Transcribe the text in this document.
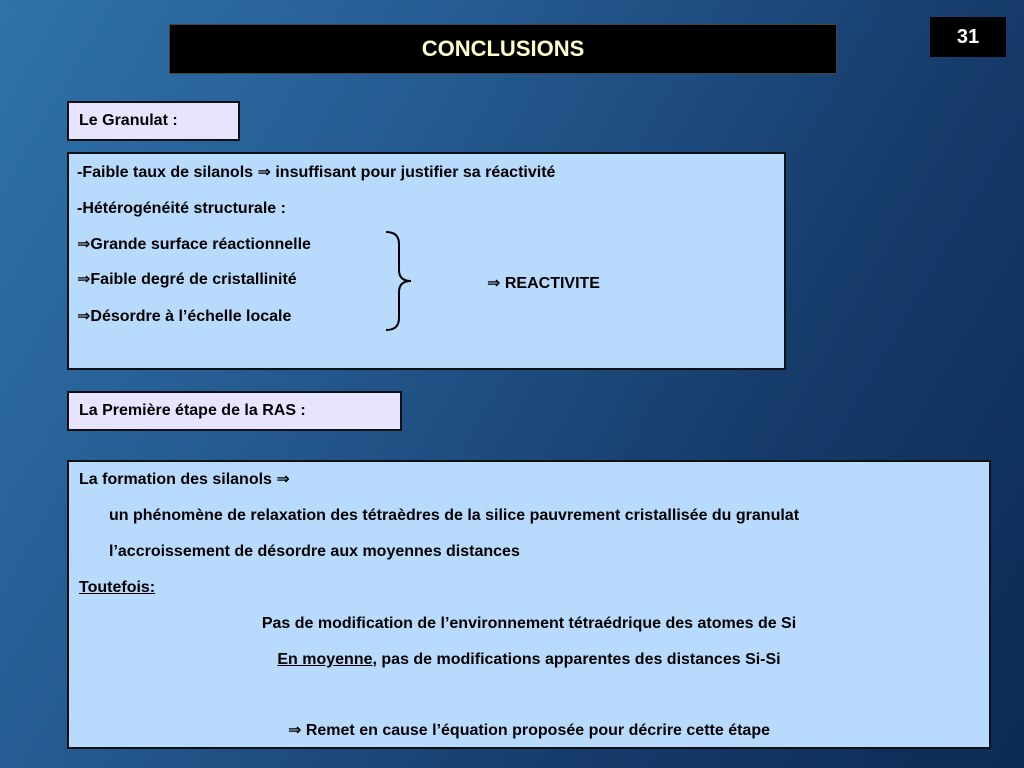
CONCLUSIONS	31
Le Granulat :
-Faible taux de silanols ⇒ insuffisant pour justifier sa réactivité
-Hétérogénéité structurale :
⇒Grande surface réactionnelle
⇒Faible degré de cristallinité
⇒Désordre à l’échelle locale
⇒ REACTIVITE
La Première étape de la RAS :
La formation des silanols ⇒
un phénomène de relaxation des tétraèdres de la silice pauvrement cristallisée du granulat
l’accroissement de désordre aux moyennes distances
Toutefois:
Pas de modification de l’environnement tétraédrique des atomes de Si
En moyenne, pas de modifications apparentes des distances Si-Si
⇒ Remet en cause l’équation proposée pour décrire cette étape
